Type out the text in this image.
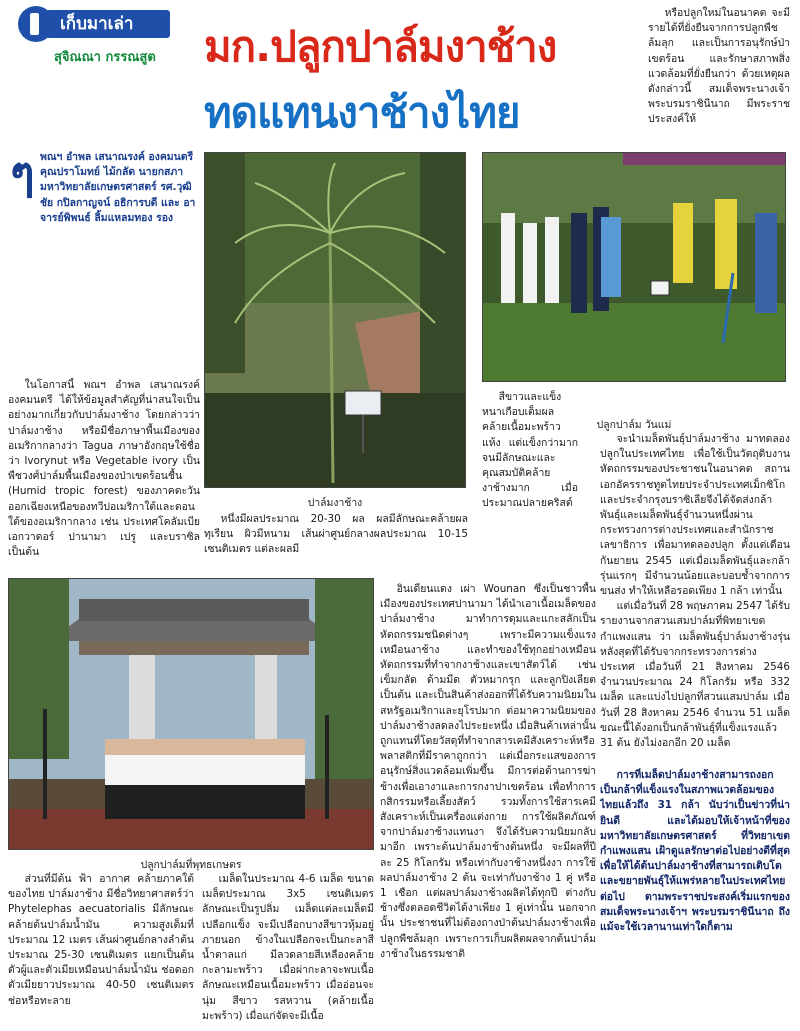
เก็บมาเล่า
สุจิณณา กรรณสูต มก.ปลูกปาล์มงาช้าง
ทดแทนงาช้างไทย
ๆ พณฯ อำพล เสนาณรงค์ องคมนตรี คุณปราโมทย์ ไม้กลัด นายกสภามหาวิทยาลัยเกษตรศาสตร์ รศ.วุฒิชัย กปิลกาญจน์ อธิการบดี และ อาจารย์พิพนธ์ ลิ้มแหลมทอง รอง

ในโอกาสนี้ พณฯ อำพล เสนาณรงค์ องคมนตรี ได้ให้ข้อมูลสำคัญที่น่าสนใจเป็นอย่างมากเกี่ยวกับปาล์มงาช้าง โดยกล่าวว่า ปาล์มงาช้าง หรือมีชื่อภาษาพื้นเมืองของอเมริกากลางว่า Tagua ภาษาอังกฤษใช้ชื่อว่า Ivorynut หรือ Vegetable ivory เป็นพืชวงศ์ปาล์มพื้นเมืองของป่าเขตร้อนชื้น (Humid tropic forest) ของภาคตะวันออกเฉียงเหนือของทวีปอเมริกาใต้และตอนใต้ของอเมริกากลาง เช่น ประเทศโคลัมเบีย เอกวาดอร์ ปานามา เปรู และบราซิล เป็นต้น

หรือปลูกใหม่ในอนาคต จะมีรายได้ที่ยั่งยืนจากการปลูกพืชล้มลุก และเป็นการอนุรักษ์ป่าเขตร้อน และรักษาสภาพสิ่งแวดล้อมที่ยั่งยืนกว่า ด้วยเหตุผลดังกล่าวนี้ สมเด็จพระนางเจ้า พระบรมราชินีนาถ มีพระราชประสงค์ให้

ปาล์มงาช้าง
ปลูกปาล์ม วันแม่

สีขาวและแข็ง หนาเกือบเต็มผล คล้ายเนื้อมะพร้าวแห้ง แต่แข็งกว่ามาก จนมีลักษณะและคุณสมบัติคล้ายงาช้างมาก เมื่อประมาณปลายคริสต์

หนึ่งมีผลประมาณ 20-30 ผล ผลมีลักษณะคล้ายผลทุเรียน ผิวมีหนาม เส้นผ่าศูนย์กลางผลประมาณ 10-15 เซนติเมตร แต่ละผลมี

จะนำเมล็ดพันธุ์ปาล์มงาช้าง มาทดลองปลูกในประเทศไทย เพื่อใช้เป็นวัตถุดิบงานหัตถกรรมของประชาชนในอนาคต สถานเอกอัครราชทูตไทยประจำประเทศเม็กซิโก และประจำกรุงบราซิเลียจึงได้จัดส่งกล้าพันธุ์และเมล็ดพันธุ์จำนวนหนึ่งผ่านกระทรวงการต่างประเทศและสำนักราชเลขาธิการ เพื่อมาทดลองปลูก ตั้งแต่เดือนกันยายน 2545 แต่เมื่อเมล็ดพันธุ์และกล้ารุ่นแรกๆ มีจำนวนน้อยและบอบช้ำจากการขนส่ง ทำให้เหลือรอดเพียง 1 กล้า เท่านั้น

แต่เมื่อวันที่ 28 พฤษภาคม 2547 ได้รับรายงานจากสวนเสมปาล์มที่พิทยาเขตกำแพงแสน ว่า เมล็ดพันธุ์ปาล์มงาช้างรุ่นหลังสุดที่ได้รับจากกระทรวงการต่างประเทศ เมื่อวันที่ 21 สิงหาคม 2546 จำนวนประมาณ 24 กิโลกรัม หรือ 332 เมล็ด และแบ่งไปปลูกที่สวนแสมปาล์ม เมื่อวันที่ 28 สิงหาคม 2546 จำนวน 51 เมล็ด ขณะนี้ได้งอกเป็นกล้าพันธุ์ที่แข็งแรงแล้ว 31 ต้น ยังไม่งอกอีก 20 เมล็ด

การที่เมล็ดปาล์มงาช้างสามารถงอกเป็นกล้าที่แข็งแรงในสภาพแวดล้อมของไทยแล้วถึง 31 กล้า นับว่าเป็นข่าวที่น่ายินดี และได้มอบให้เจ้าหน้าที่ของมหาวิทยาลัยเกษตรศาสตร์ ที่วิทยาเขตกำแพงแสน เฝ้าดูแลรักษาต่อไปอย่างดีที่สุด เพื่อให้ได้ต้นปาล์มงาช้างที่สามารถเติบโตและขยายพันธุ์ให้แพร่หลายในประเทศไทยต่อไป ตามพระราชประสงค์เริ่มแรกของสมเด็จพระนางเจ้าฯ พระบรมราชินีนาถ ถึงแม้จะใช้เวลานานเท่าใดก็ตาม

ปลูกปาล์มที่พุทธเกษตร

อินเดียนแดง เผ่า Wounan ซึ่งเป็นชาวพื้นเมืองของประเทศปานามา ได้นำเอาเนื้อเมล็ดของปาล์มงาช้าง มาทำการดุมและแกะสลักเป็นหัตถกรรมชนิดต่างๆ เพราะมีความแข็งแรงเหมือนงาช้าง และทำของใช้ทุกอย่างเหมือนหัตถกรรมที่ทำจากงาช้างและเขาสัตว์ได้ เช่น เข็มกลัด ด้ามมีด ตัวหมากรุก และลูกปิงเลียต เป็นต้น และเป็นสินค้าส่งออกที่ได้รับความนิยมในสหรัฐอเมริกาและยุโรปมาก ต่อมาความนิยมของปาล์มงาช้างลดลงไประยะหนึ่ง เมื่อสินค้าเหล่านั้นถูกแทนที่โดยวัสดุที่ทำจากสารเคมีสังเคราะห์หรือพลาสติกที่มีราคาถูกกว่า แต่เมื่อกระแสของการอนุรักษ์สิ่งแวดล้อมเพิ่มขึ้น มีการต่อต้านการฆ่าช้างเพื่อเอางาและการกงาปาเขตร้อน เพื่อทำการกสิกรรมหรือเลี้ยงสัตว์ รวมทั้งการใช้สารเคมีสังเคราะห์เป็นเครื่องแต่งกาย การใช้ผลิตภัณฑ์จากปาล์มงาช้างแทนงา จึงได้รับความนิยมกลับมาอีก เพราะต้นปาล์มงาช้างต้นหนึ่ง จะมีผลที่ปีละ 25 กิโลกรัม หรือเท่ากับงาช้างหนึ่งงา การใช้ผลปาล์มงาช้าง 2 ต้น จะเท่ากับงาช้าง 1 คู่ หรือ 1 เชือก แต่ผลปาล์มงาช้างผลิตได้ทุกปี ต่างกับช้างซึ่งตลอดชีวิตได้งาเพียง 1 คู่เท่านั้น นอกจากนั้น ประชาชนที่ไม่ต้องถางป่าต้นปาล์มงาช้างเพื่อปลูกพืชล้มลุก เพราะการเก็บผลิตผลจากต้นปาล์มงาช้างในธรรมชาติ

ส่วนที่มีต้น ฟ้า อากาศ คล้ายภาคใต้ของไทย ปาล์มงาช้าง มีชื่อวิทยาศาสตร์ว่า Phytelephas aecuatorialis มีลักษณะคล้ายต้นปาล์มน้ำมัน ความสูงเต็มที่ประมาณ 12 เมตร เส้นผ่าศูนย์กลางลำต้นประมาณ 25-30 เซนติเมตร แยกเป็นต้นตัวผู้และตัวเมียเหมือนปาล์มน้ำมัน ช่อดอกตัวเมียยาวประมาณ 40-50 เซนติเมตร ช่อหรือทะลาย

เมล็ดในประมาณ 4-6 เมล็ด ขนาดเมล็ดประมาณ 3x5 เซนติเมตร ลักษณะเป็นรูปลิ่ม เมล็ดแต่ละเมล็ดมีเปลือกแข็ง จะมีเปลือกบางสีขาวหุ้มอยู่ภายนอก ข้างในเปลือกจะเป็นกะลาสีน้ำตาลแก่ มีลวดลายสีเหลืองคล้ายกะลามะพร้าว เมื่อผ่ากะลาจะพบเนื้อลักษณะเหมือนเนื้อมะพร้าว เมื่ออ่อนจะนุ่ม สีขาว รสหวาน (คล้ายเนื้อมะพร้าว) เมื่อแก่จัดจะมีเนื้อ
